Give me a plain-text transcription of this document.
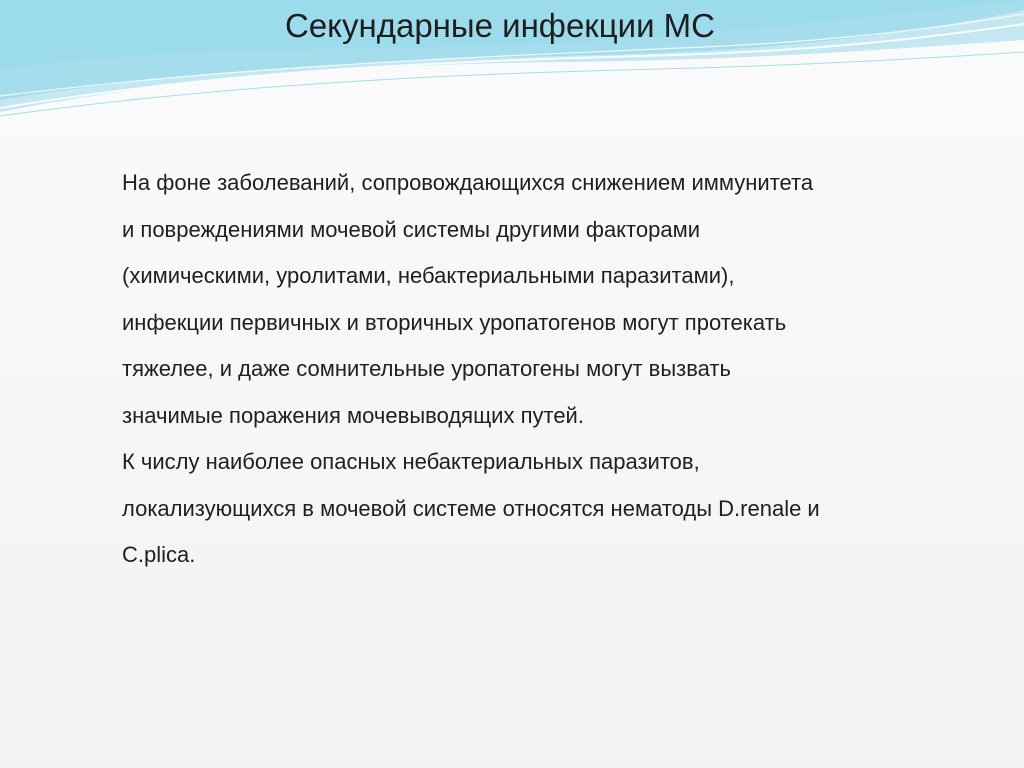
Секундарные инфекции МС

На фоне заболеваний, сопровождающихся снижением иммунитета
и повреждениями мочевой системы другими факторами
(химическими, уролитами, небактериальными паразитами),
инфекции первичных и вторичных уропатогенов могут протекать
тяжелее, и даже сомнительные уропатогены могут вызвать
значимые поражения мочевыводящих путей.

К числу наиболее опасных небактериальных паразитов,
локализующихся в мочевой системе относятся нематоды D.renale и
C.plica.
